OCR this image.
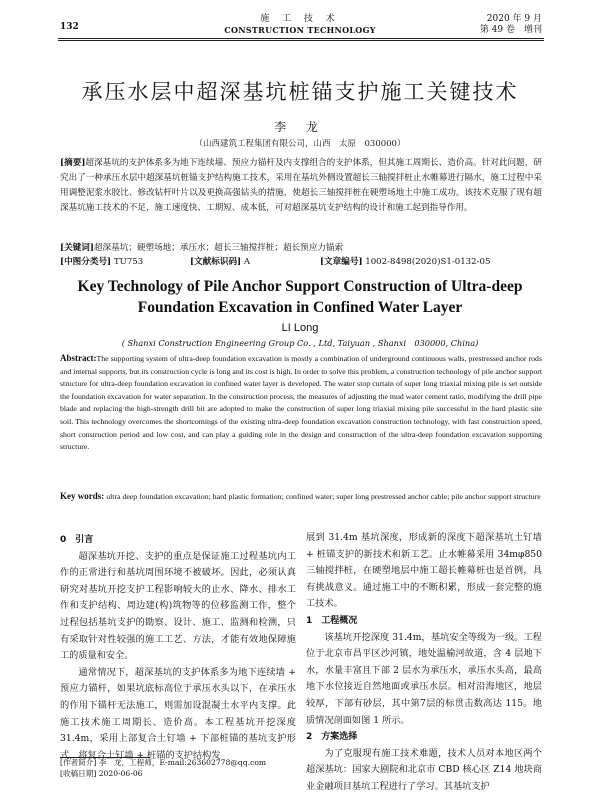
132
施 工 技 术
CONSTRUCTION TECHNOLOGY
2020 年 9 月
第 49 卷　增刊
承压水层中超深基坑桩锚支护施工关键技术
李 龙
（山西建筑工程集团有限公司，山西　太原　030000）
[摘要]超深基坑的支护体系多为地下连续墙、预应力锚杆及内支撑组合的支护体系，但其施工周期长、造价高。针对此问题，研究出了一种承压水层中超深基坑桩锚支护结构施工技术，采用在基坑外侧设置超长三轴搅拌桩止水帷幕进行隔水，施工过程中采用调整泥浆水胶比、修改钻杆叶片以及更换高强钻头的措施，使超长三轴搅拌桩在硬塑场地土中施工成功。该技术克服了现有超深基坑施工技术的不足，施工速度快、工期短、成本低，可对超深基坑支护结构的设计和施工起到指导作用。
[关键词]超深基坑；硬塑场地；承压水；超长三轴搅拌桩；超长预应力锚索
[中图分类号] TU753	[文献标识码] A	[文章编号] 1002-8498(2020)S1-0132-05
Key Technology of Pile Anchor Support Construction of Ultra-deep Foundation Excavation in Confined Water Layer
LI Long
( Shanxi Construction Engineering Group Co. , Ltd, Taiyuan , Shanxi　030000, China)
Abstract:The supporting system of ultra-deep foundation excavation is mostly a combination of underground continuous walls, prestressed anchor rods and internal supports, but its construction cycle is long and its cost is high. In order to solve this problem, a construction technology of pile anchor support structure for ultra-deep foundation excavation in confined water layer is developed. The water stop curtain of super long triaxial mixing pile is set outside the foundation excavation for water separation. In the construction process, the measures of adjusting the mud water cement ratio, modifying the drill pipe blade and replacing the high-strength drill bit are adopted to make the construction of super long triaxial mixing pile successful in the hard plastic site soil. This technology overcomes the shortcomings of the existing ultra-deep foundation excavation construction technology, with fast construction speed, short construction period and low cost, and can play a guiding role in the design and construction of the ultra-deep foundation excavation supporting structure.
Key words: ultra deep foundation excavation; hard plastic formation; confined water; super long prestressed anchor cable; pile anchor support structure
0　引言

超深基坑开挖、支护的重点是保证施工过程基坑内工作的正常进行和基坑周围环境不被破坏。因此，必须认真研究对基坑开挖支护工程影响较大的止水、降水、排水工作和支护结构、周边建(构)筑物等的位移监测工作，整个过程包括基坑支护的勘察、设计、施工、监测和检测，只有采取针对性较强的施工工艺、方法，才能有效地保障施工的质量和安全。

通常情况下，超深基坑的支护体系多为地下连续墙 + 预应力锚杆，如果坑底标高位于承压水头以下，在承压水的作用下锚杆无法施工，则需加设混凝土水平内支撑。此施工技术施工周期长、造价高。本工程基坑开挖深度 31.4m，采用上部复合土钉墙 + 下部桩锚的基坑支护形式，将复合土钉墙 + 桩锚的支护结构发

展到 31.4m 基坑深度，形成新的深度下超深基坑土钉墙 + 桩锚支护的新技术和新工艺。止水帷幕采用 34mφ850 三轴搅拌桩，在硬塑地层中施工超长帷幕桩也是首例，具有挑战意义。通过施工中的不断积累，形成一套完整的施工技术。

1　工程概况

该基坑开挖深度 31.4m，基坑安全等级为一级。工程位于北京市昌平区沙河镇，地处温榆河故道，含 4 层地下水，水量丰富且下部 2 层水为承压水，承压水头高，最高地下水位接近自然地面或承压水层。相对沿海地区，地层较厚，下部有砂层，其中第7层的标贯击数高达 115。地质情况剖面如图 1 所示。

2　方案选择

为了克服现有施工技术难题，技术人员对本地区两个超深基坑：国家大剧院和北京市 CBD 核心区 Z14 地块商业金融项目基坑工程进行了学习。其基坑支护

[作者简介] 李　龙，工程师，E-mail:263602778@qq.com
[收稿日期] 2020-06-06
